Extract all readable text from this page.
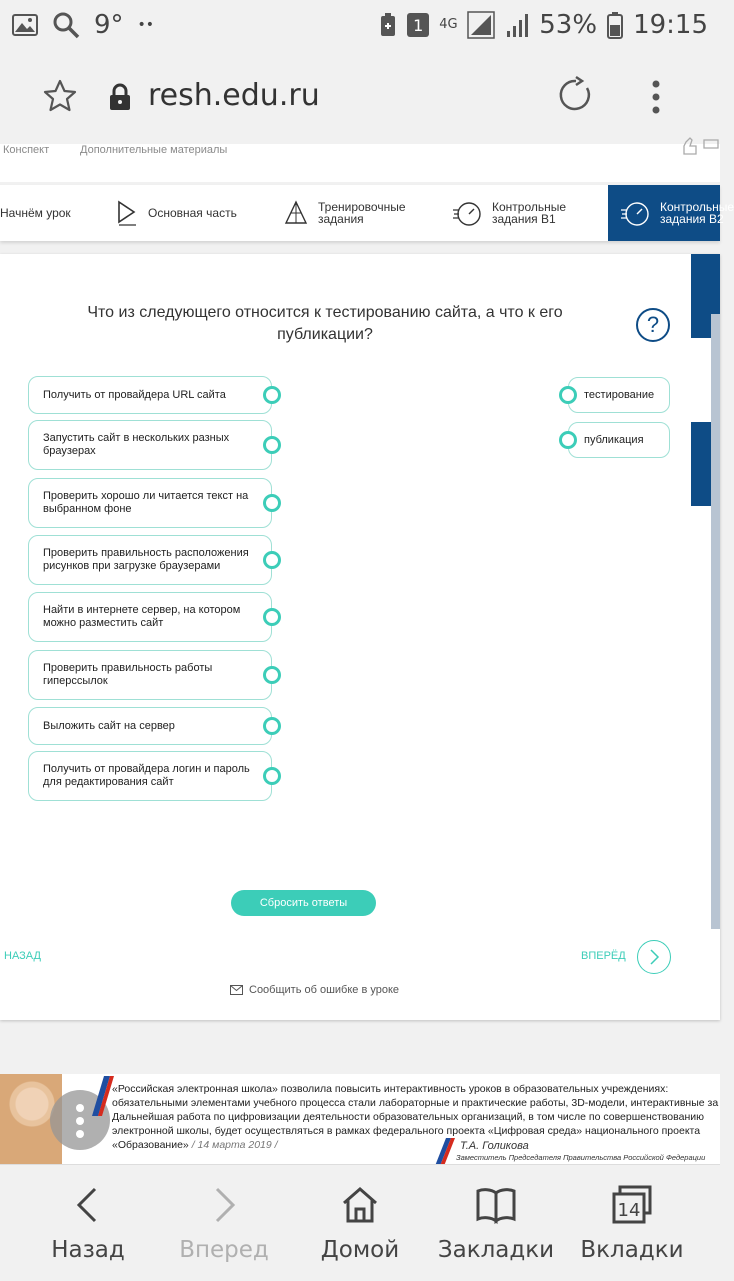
9° ••	1	4G	53% 19:15
resh.edu.ru
Конспект	Дополнительные материалы
Начнём урок	Основная часть	Тренировочные
задания
Контрольные
задания В1
Контрольные
задания В2
Что из следующего относится к тестированию сайта, а что к его публикации?	?
Получить от провайдера URL сайта
Запустить сайт в нескольких разных браузерах
Проверить хорошо ли читается текст на выбранном фоне
Проверить правильность расположения рисунков при загрузке браузерами
Найти в интернете сервер, на котором можно разместить сайт
Проверить правильность работы гиперссылок
Выложить сайт на сервер
Получить от провайдера логин и пароль для редактирования сайт
тестирование
публикация
Сбросить ответы
НАЗАД	ВПЕРЁД
Сообщить об ошибке в уроке
«Российская электронная школа» позволила повысить интерактивность уроков в образовательных учреждениях: обязательными элементами учебного процесса стали лабораторные и практические работы, 3D-модели, интерактивные за Дальнейшая работа по цифровизации деятельности образовательных организаций, в том числе по совершенствованию электронной школы, будет осуществляться в рамках федерального проекта «Цифровая среда» национального проекта «Образование» / 14 марта 2019 /	Т.А. Голикова
Заместитель Председателя Правительства Российской Федерации
Назад	Вперед	Домой	Закладки
14
Вкладки
